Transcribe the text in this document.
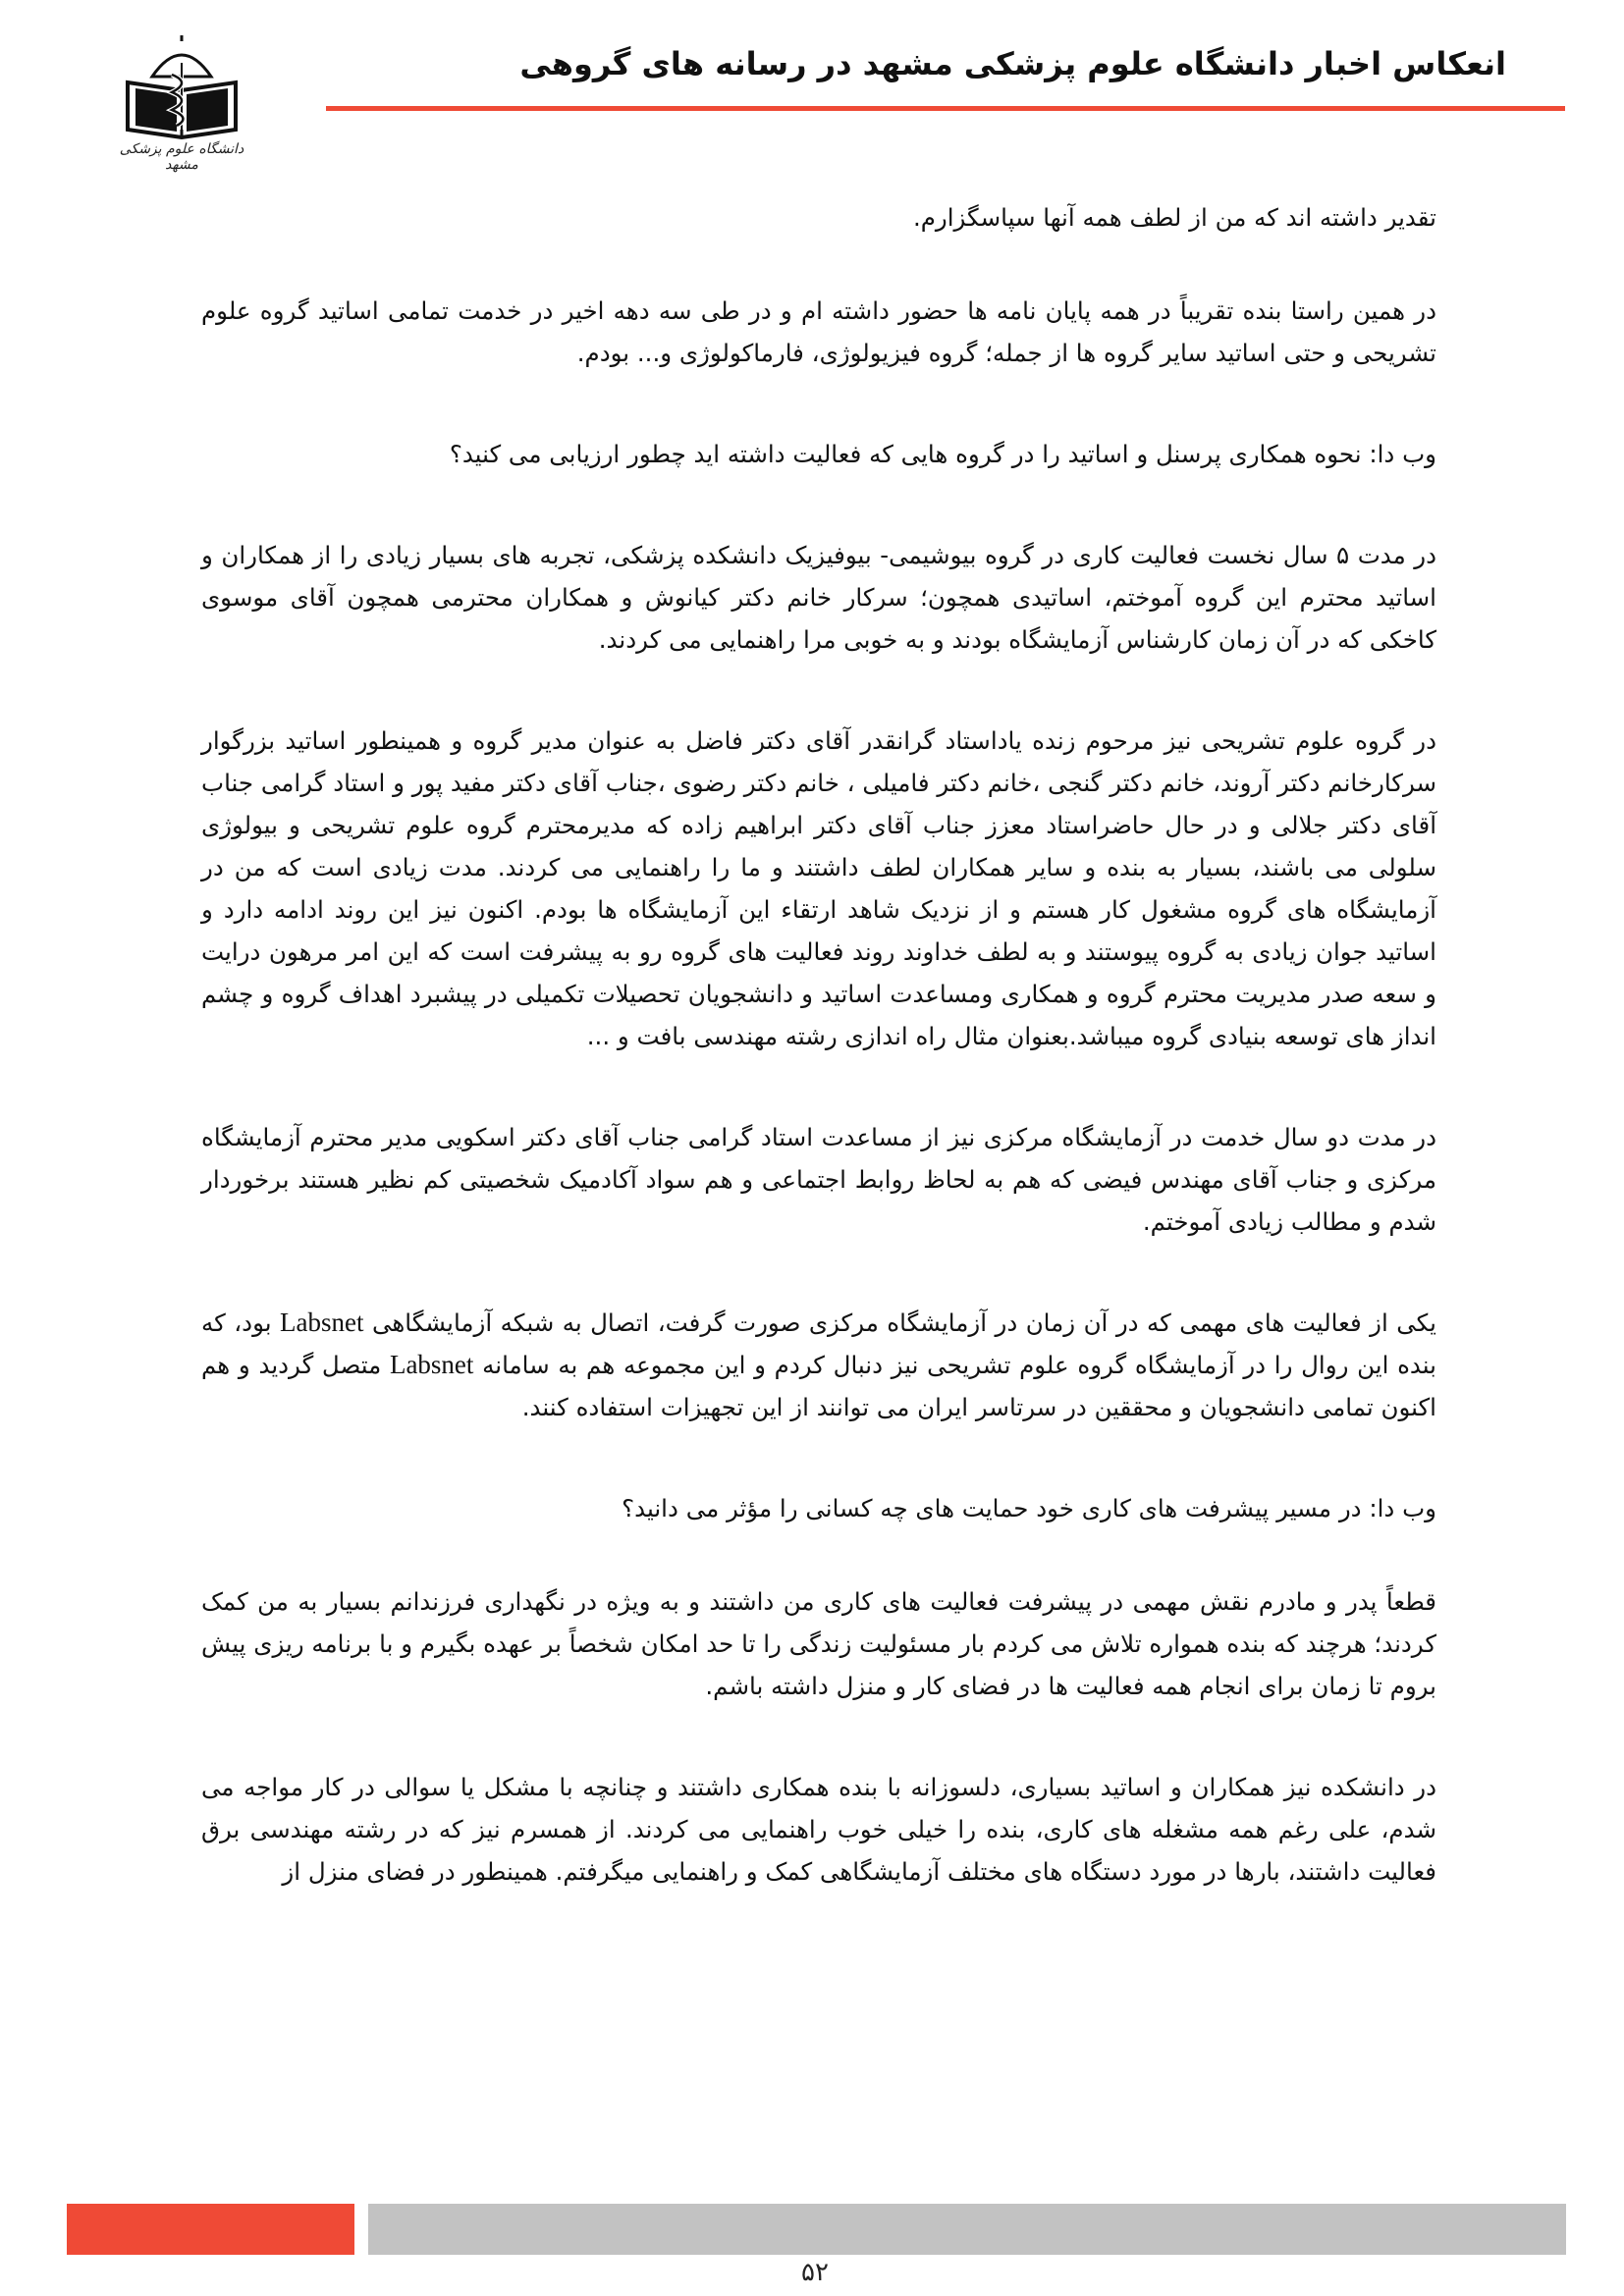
انعکاس اخبار دانشگاه علوم پزشکی مشهد در رسانه های گروهی
دانشگاه علوم پزشکی مشهد

تقدیر داشته اند که من از لطف همه آنها سپاسگزارم.

در همین راستا بنده تقریباً در همه پایان نامه ها حضور داشته ام و در طی سه دهه اخیر در خدمت تمامی اساتید گروه علوم تشریحی و حتی اساتید سایر گروه ها از جمله؛ گروه فیزیولوژی، فارماکولوژی و... بودم.

وب دا: نحوه همکاری پرسنل و اساتید را در گروه هایی که فعالیت داشته اید چطور ارزیابی می کنید؟

در مدت ۵ سال نخست فعالیت کاری در گروه بیوشیمی- بیوفیزیک دانشکده پزشکی، تجربه های بسیار زیادی را از همکاران و اساتید محترم این گروه آموختم، اساتیدی همچون؛ سرکار خانم دکتر کیانوش و همکاران محترمی همچون آقای موسوی کاخکی که در آن زمان کارشناس آزمایشگاه بودند و به خوبی مرا راهنمایی می کردند.

در گروه علوم تشریحی نیز مرحوم زنده یاداستاد گرانقدر آقای دکتر فاضل به عنوان مدیر گروه و همینطور اساتید بزرگوار سرکارخانم دکتر آروند، خانم دکتر گنجی ،خانم دکتر فامیلی ، خانم دکتر رضوی ،جناب آقای دکتر مفید پور و استاد گرامی جناب آقای دکتر جلالی و در حال حاضراستاد معزز جناب آقای دکتر ابراهیم زاده که مدیرمحترم گروه علوم تشریحی و بیولوژی سلولی می باشند، بسیار به بنده و سایر همکاران لطف داشتند و ما را راهنمایی می کردند. مدت زیادی است که من در آزمایشگاه های گروه مشغول کار هستم و از نزدیک شاهد ارتقاء این آزمایشگاه ها بودم. اکنون نیز این روند ادامه دارد و اساتید جوان زیادی به گروه پیوستند و به لطف خداوند روند فعالیت های گروه رو به پیشرفت است که این امر مرهون درایت و سعه صدر مدیریت محترم گروه و همکاری ومساعدت اساتید و دانشجویان تحصیلات تکمیلی در پیشبرد اهداف گروه و چشم انداز های توسعه بنیادی گروه میباشد.بعنوان مثال راه اندازی رشته مهندسی بافت و ...

در مدت دو سال خدمت در آزمایشگاه مرکزی نیز از مساعدت استاد گرامی جناب آقای دکتر اسکویی مدیر محترم آزمایشگاه مرکزی و جناب آقای مهندس فیضی که هم به لحاظ روابط اجتماعی و هم سواد آکادمیک شخصیتی کم نظیر هستند برخوردار شدم و مطالب زیادی آموختم.

یکی از فعالیت های مهمی که در آن زمان در آزمایشگاه مرکزی صورت گرفت، اتصال به شبکه آزمایشگاهی Labsnet بود، که بنده این روال را در آزمایشگاه گروه علوم تشریحی نیز دنبال کردم و این مجموعه هم به سامانه Labsnet متصل گردید و هم اکنون تمامی دانشجویان و محققین در سرتاسر ایران می توانند از این تجهیزات استفاده کنند.

وب دا: در مسیر پیشرفت های کاری خود حمایت های چه کسانی را مؤثر می دانید؟

قطعاً پدر و مادرم نقش مهمی در پیشرفت فعالیت های کاری من داشتند و به ویژه در نگهداری فرزندانم بسیار به من کمک کردند؛ هرچند که بنده همواره تلاش می کردم بار مسئولیت زندگی را تا حد امکان شخصاً بر عهده بگیرم و با برنامه ریزی پیش بروم تا زمان برای انجام همه فعالیت ها در فضای کار و منزل داشته باشم.

در دانشکده نیز همکاران و اساتید بسیاری، دلسوزانه با بنده همکاری داشتند و چنانچه با مشکل یا سوالی در کار مواجه می شدم، علی رغم همه مشغله های کاری، بنده را خیلی خوب راهنمایی می کردند. از همسرم نیز که در رشته مهندسی برق فعالیت داشتند، بارها در مورد دستگاه های مختلف آزمایشگاهی کمک و راهنمایی میگرفتم. همینطور در فضای منزل از

۵۲
